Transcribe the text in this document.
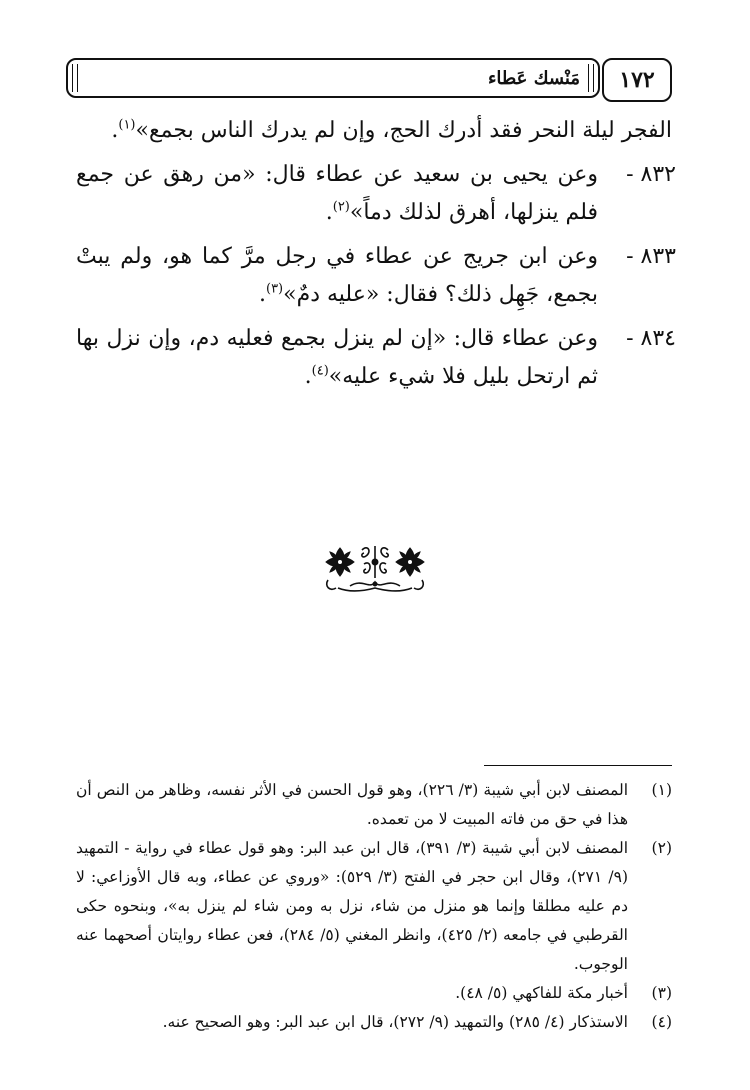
١٧٢
مَنْسك عَطاء

الفجر ليلة النحر فقد أدرك الحج، وإن لم يدرك الناس بجمع»$^{(١)}$.

٨٣٢ -
وعن يحيى بن سعيد عن عطاء قال: «من رهق عن جمع فلم ينزلها، أهرق لذلك دماً»$^{(٢)}$.

٨٣٣ -
وعن ابن جريج عن عطاء في رجل مرَّ كما هو، ولم يبتْ بجمع، جَهِل ذلك؟ فقال: «عليه دمٌ»$^{(٣)}$.

٨٣٤ -
وعن عطاء قال: «إن لم ينزل بجمع فعليه دم، وإن نزل بها ثم ارتحل بليل فلا شيء عليه»$^{(٤)}$.

(١)
المصنف لابن أبي شيبة (٣/ ٢٢٦)، وهو قول الحسن في الأثر نفسه، وظاهر من النص أن هذا في حق من فاته المبيت لا من تعمده.

(٢)
المصنف لابن أبي شيبة (٣/ ٣٩١)، قال ابن عبد البر: وهو قول عطاء في رواية - التمهيد (٩/ ٢٧١)، وقال ابن حجر في الفتح (٣/ ٥٢٩): «وروي عن عطاء، وبه قال الأوزاعي: لا دم عليه مطلقا وإنما هو منزل من شاء، نزل به ومن شاء لم ينزل به»، وبنحوه حكى القرطبي في جامعه (٢/ ٤٢٥)، وانظر المغني (٥/ ٢٨٤)، فعن عطاء روايتان أصحهما عنه الوجوب.

(٣)
أخبار مكة للفاكهي (٥/ ٤٨).

(٤)
الاستذكار (٤/ ٢٨٥) والتمهيد (٩/ ٢٧٢)، قال ابن عبد البر: وهو الصحيح عنه.
